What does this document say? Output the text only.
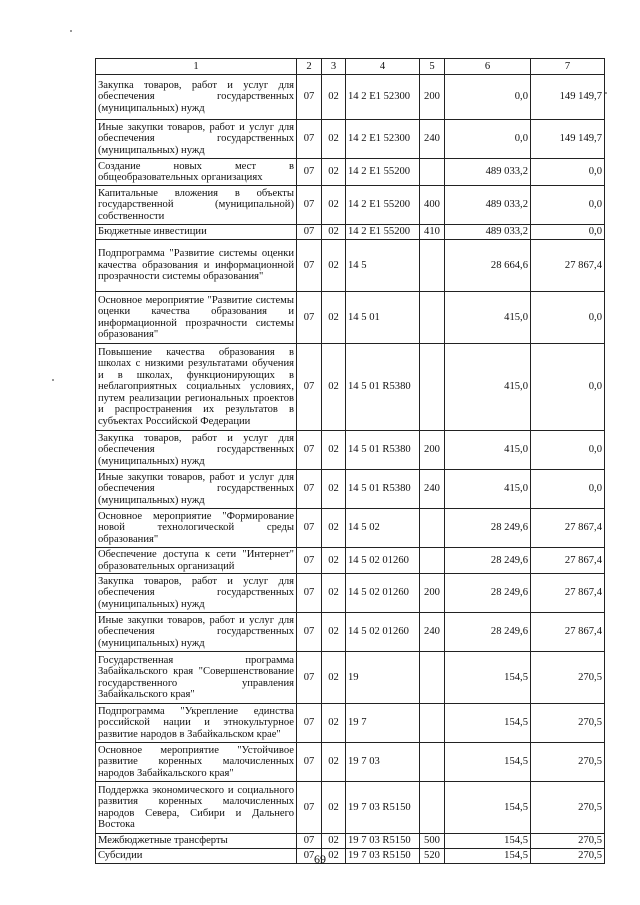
1	2	3	4	5	6	7
Закупка товаров, работ и услуг для обеспечения государственных (муниципальных) нужд	07	02	14 2 E1 52300	200	0,0	149 149,7
Иные закупки товаров, работ и услуг для обеспечения государственных (муниципальных) нужд	07	02	14 2 E1 52300	240	0,0	149 149,7
Создание новых мест в общеобразовательных организациях	07	02	14 2 E1 55200		489 033,2	0,0
Капитальные вложения в объекты государственной (муниципальной) собственности	07	02	14 2 E1 55200	400	489 033,2	0,0
Бюджетные инвестиции	07	02	14 2 E1 55200	410	489 033,2	0,0
Подпрограмма "Развитие системы оценки качества образования и информационной прозрачности системы образования"	07	02	14 5		28 664,6	27 867,4
Основное мероприятие "Развитие системы оценки качества образования и информационной прозрачности системы образования"	07	02	14 5 01		415,0	0,0
Повышение качества образования в школах с низкими результатами обучения и в школах, функционирующих в неблагоприятных социальных условиях, путем реализации региональных проектов и распространения их результатов в субъектах Российской Федерации	07	02	14 5 01 R5380		415,0	0,0
Закупка товаров, работ и услуг для обеспечения государственных (муниципальных) нужд	07	02	14 5 01 R5380	200	415,0	0,0
Иные закупки товаров, работ и услуг для обеспечения государственных (муниципальных) нужд	07	02	14 5 01 R5380	240	415,0	0,0
Основное мероприятие "Формирование новой технологической среды образования"	07	02	14 5 02		28 249,6	27 867,4
Обеспечение доступа к сети "Интернет" образовательных организаций	07	02	14 5 02 01260		28 249,6	27 867,4
Закупка товаров, работ и услуг для обеспечения государственных (муниципальных) нужд	07	02	14 5 02 01260	200	28 249,6	27 867,4
Иные закупки товаров, работ и услуг для обеспечения государственных (муниципальных) нужд	07	02	14 5 02 01260	240	28 249,6	27 867,4
Государственная программа Забайкальского края "Совершенствование государственного управления Забайкальского края"	07	02	19		154,5	270,5
Подпрограмма "Укрепление единства российской нации и этнокультурное развитие народов в Забайкальском крае"	07	02	19 7		154,5	270,5
Основное мероприятие "Устойчивое развитие коренных малочисленных народов Забайкальского края"	07	02	19 7 03		154,5	270,5
Поддержка экономического и социального развития коренных малочисленных народов Севера, Сибири и Дальнего Востока	07	02	19 7 03 R5150		154,5	270,5
Межбюджетные трансферты	07	02	19 7 03 R5150	500	154,5	270,5
Субсидии	07	02	19 7 03 R5150	520	154,5	270,5
69
